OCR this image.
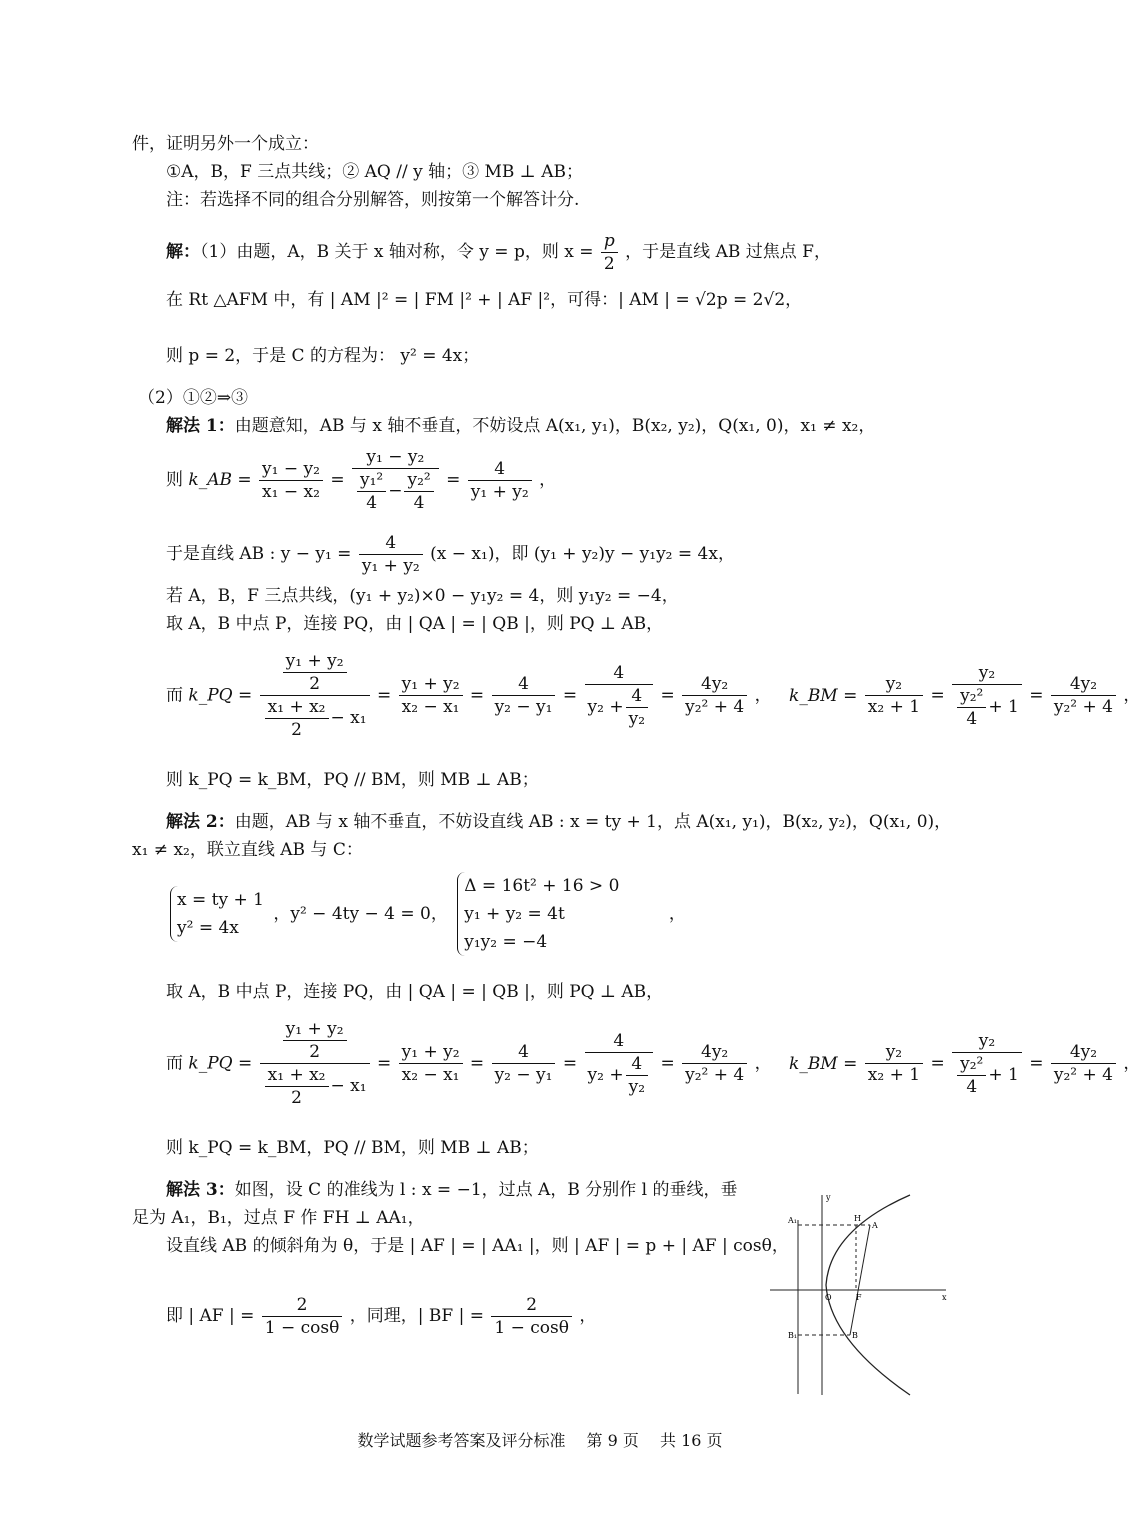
件，证明另外一个成立：
①A，B，F 三点共线；② AQ // y 轴；③ MB ⊥ AB；
注：若选择不同的组合分别解答，则按第一个解答计分.
解：（1）由题，A，B 关于 x 轴对称，令 y = p，则 $x = \frac{p}{2}$ ，于是直线 AB 过焦点 F，
在 Rt △AFM 中，有 | AM |² = | FM |² + | AF |²，可得：| AM | = √2p = 2√2，
则 p = 2，于是 C 的方程为： y² = 4x；
（2）①②⇒③
解法 1：由题意知，AB 与 x 轴不垂直，不妨设点 A(x₁, y₁)，B(x₂, y₂)，Q(x₁, 0)，x₁ ≠ x₂，
则 k_AB = $\frac{\text{y₁ − y₂}}{\text{x₁ − x₂}} = \frac{\text{y₁ − y₂}}{\frac{\text{y₁²}}{4} - \frac{\text{y₂²}}{4}} = \frac{4}{\text{y₁ + y₂}}$ ，
于是直线 AB : $y - y_1 = \frac{4}{\text{y₁ + y₂}} (x - x_1)$，即 (y₁ + y₂)y − y₁y₂ = 4x，
若 A，B，F 三点共线，(y₁ + y₂)×0 − y₁y₂ = 4，则 y₁y₂ = −4，
取 A，B 中点 P，连接 PQ，由 | QA | = | QB |，则 PQ ⊥ AB，
而 k_PQ = $\frac{\frac{\text{y₁ + y₂}}{2}}{\frac{\text{x₁ + x₂}}{2} - x_1} = \frac{\text{y₁ + y₂}}{\text{x₂ − x₁}} = \frac{4}{\text{y₂ − y₁}} = \frac{4}{y_2 + \frac{4}{\text{y₂}}} = \frac{\text{4y₂}}{\text{y₂² + 4}}$ ， k_BM = $\frac{\text{y₂}}{\text{x₂ + 1}} = \frac{\text{y₂}}{\frac{\text{y₂²}}{4} + 1} = \frac{\text{4y₂}}{\text{y₂² + 4}}$ ，
则 k_PQ = k_BM，PQ // BM，则 MB ⊥ AB；
解法 2：由题，AB 与 x 轴不垂直，不妨设直线 AB : x = ty + 1，点 A(x₁, y₁)，B(x₂, y₂)，Q(x₁, 0)，
x₁ ≠ x₂，联立直线 AB 与 C：
x = ty + 1
y² = 4x
，y² − 4ty − 4 = 0，
Δ = 16t² + 16 > 0
y₁ + y₂ = 4t
y₁y₂ = −4
，
取 A，B 中点 P，连接 PQ，由 | QA | = | QB |，则 PQ ⊥ AB，
而 k_PQ = $\frac{\frac{\text{y₁ + y₂}}{2}}{\frac{\text{x₁ + x₂}}{2} - x_1} = \frac{\text{y₁ + y₂}}{\text{x₂ − x₁}} = \frac{4}{\text{y₂ − y₁}} = \frac{4}{y_2 + \frac{4}{\text{y₂}}} = \frac{\text{4y₂}}{\text{y₂² + 4}}$ ， k_BM = $\frac{\text{y₂}}{\text{x₂ + 1}} = \frac{\text{y₂}}{\frac{\text{y₂²}}{4} + 1} = \frac{\text{4y₂}}{\text{y₂² + 4}}$ ，
则 k_PQ = k_BM，PQ // BM，则 MB ⊥ AB；
解法 3：如图，设 C 的准线为 l : x = −1，过点 A，B 分别作 l 的垂线，垂
足为 A₁，B₁，过点 F 作 FH ⊥ AA₁，
设直线 AB 的倾斜角为 θ，于是 | AF | = | AA₁ |，则 | AF | = p + | AF | cosθ，
即 | AF | = $\frac{2}{1 - \cos\theta}$ ，同理，| BF | = $\frac{2}{1 - \cos\theta}$ ，
A₁	H
A
O	F	x
y
B₁	B
数学试题参考答案及评分标准 第 9 页 共 16 页
